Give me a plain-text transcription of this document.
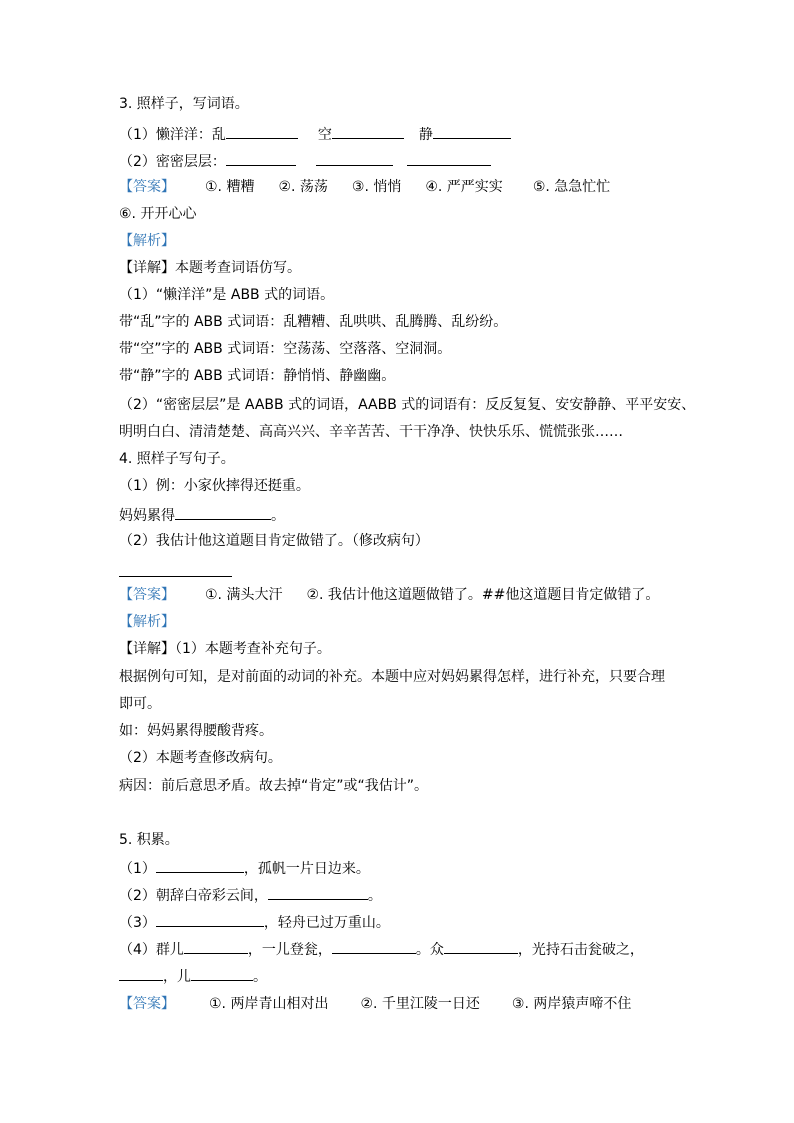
3. 照样子，写词语。
（1）懒洋洋：乱	空	静
（2）密密层层：
【答案】 ①. 糟糟 ②. 荡荡 ③. 悄悄 ④. 严严实实 ⑤. 急急忙忙
⑥. 开开心心
【解析】
【详解】本题考查词语仿写。
（1）“懒洋洋”是 ABB 式的词语。
带“乱”字的 ABB 式词语：乱糟糟、乱哄哄、乱腾腾、乱纷纷。
带“空”字的 ABB 式词语：空荡荡、空落落、空洞洞。
带“静”字的 ABB 式词语：静悄悄、静幽幽。
（2）“密密层层”是 AABB 式的词语，AABB 式的词语有：反反复复、安安静静、平平安安、
明明白白、清清楚楚、高高兴兴、辛辛苦苦、干干净净、快快乐乐、慌慌张张……
4. 照样子写句子。
（1）例：小家伙摔得还挺重。
妈妈累得	。
（2）我估计他这道题目肯定做错了。（修改病句）
【答案】 ①. 满头大汗 ②. 我估计他这道题做错了。##他这道题目肯定做错了。
【解析】
【详解】（1）本题考查补充句子。
根据例句可知，是对前面的动词的补充。本题中应对妈妈累得怎样，进行补充，只要合理
即可。
如：妈妈累得腰酸背疼。
（2）本题考查修改病句。
病因：前后意思矛盾。故去掉“肯定”或“我估计”。
5. 积累。
（1）	，孤帆一片日边来。
（2）朝辞白帝彩云间，	。
（3）	，轻舟已过万重山。
（4）群儿	，一儿登瓮，	。众	，光持石击瓮破之，
，儿	。
【答案】 ①. 两岸青山相对出 ②. 千里江陵一日还 ③. 两岸猿声啼不住
